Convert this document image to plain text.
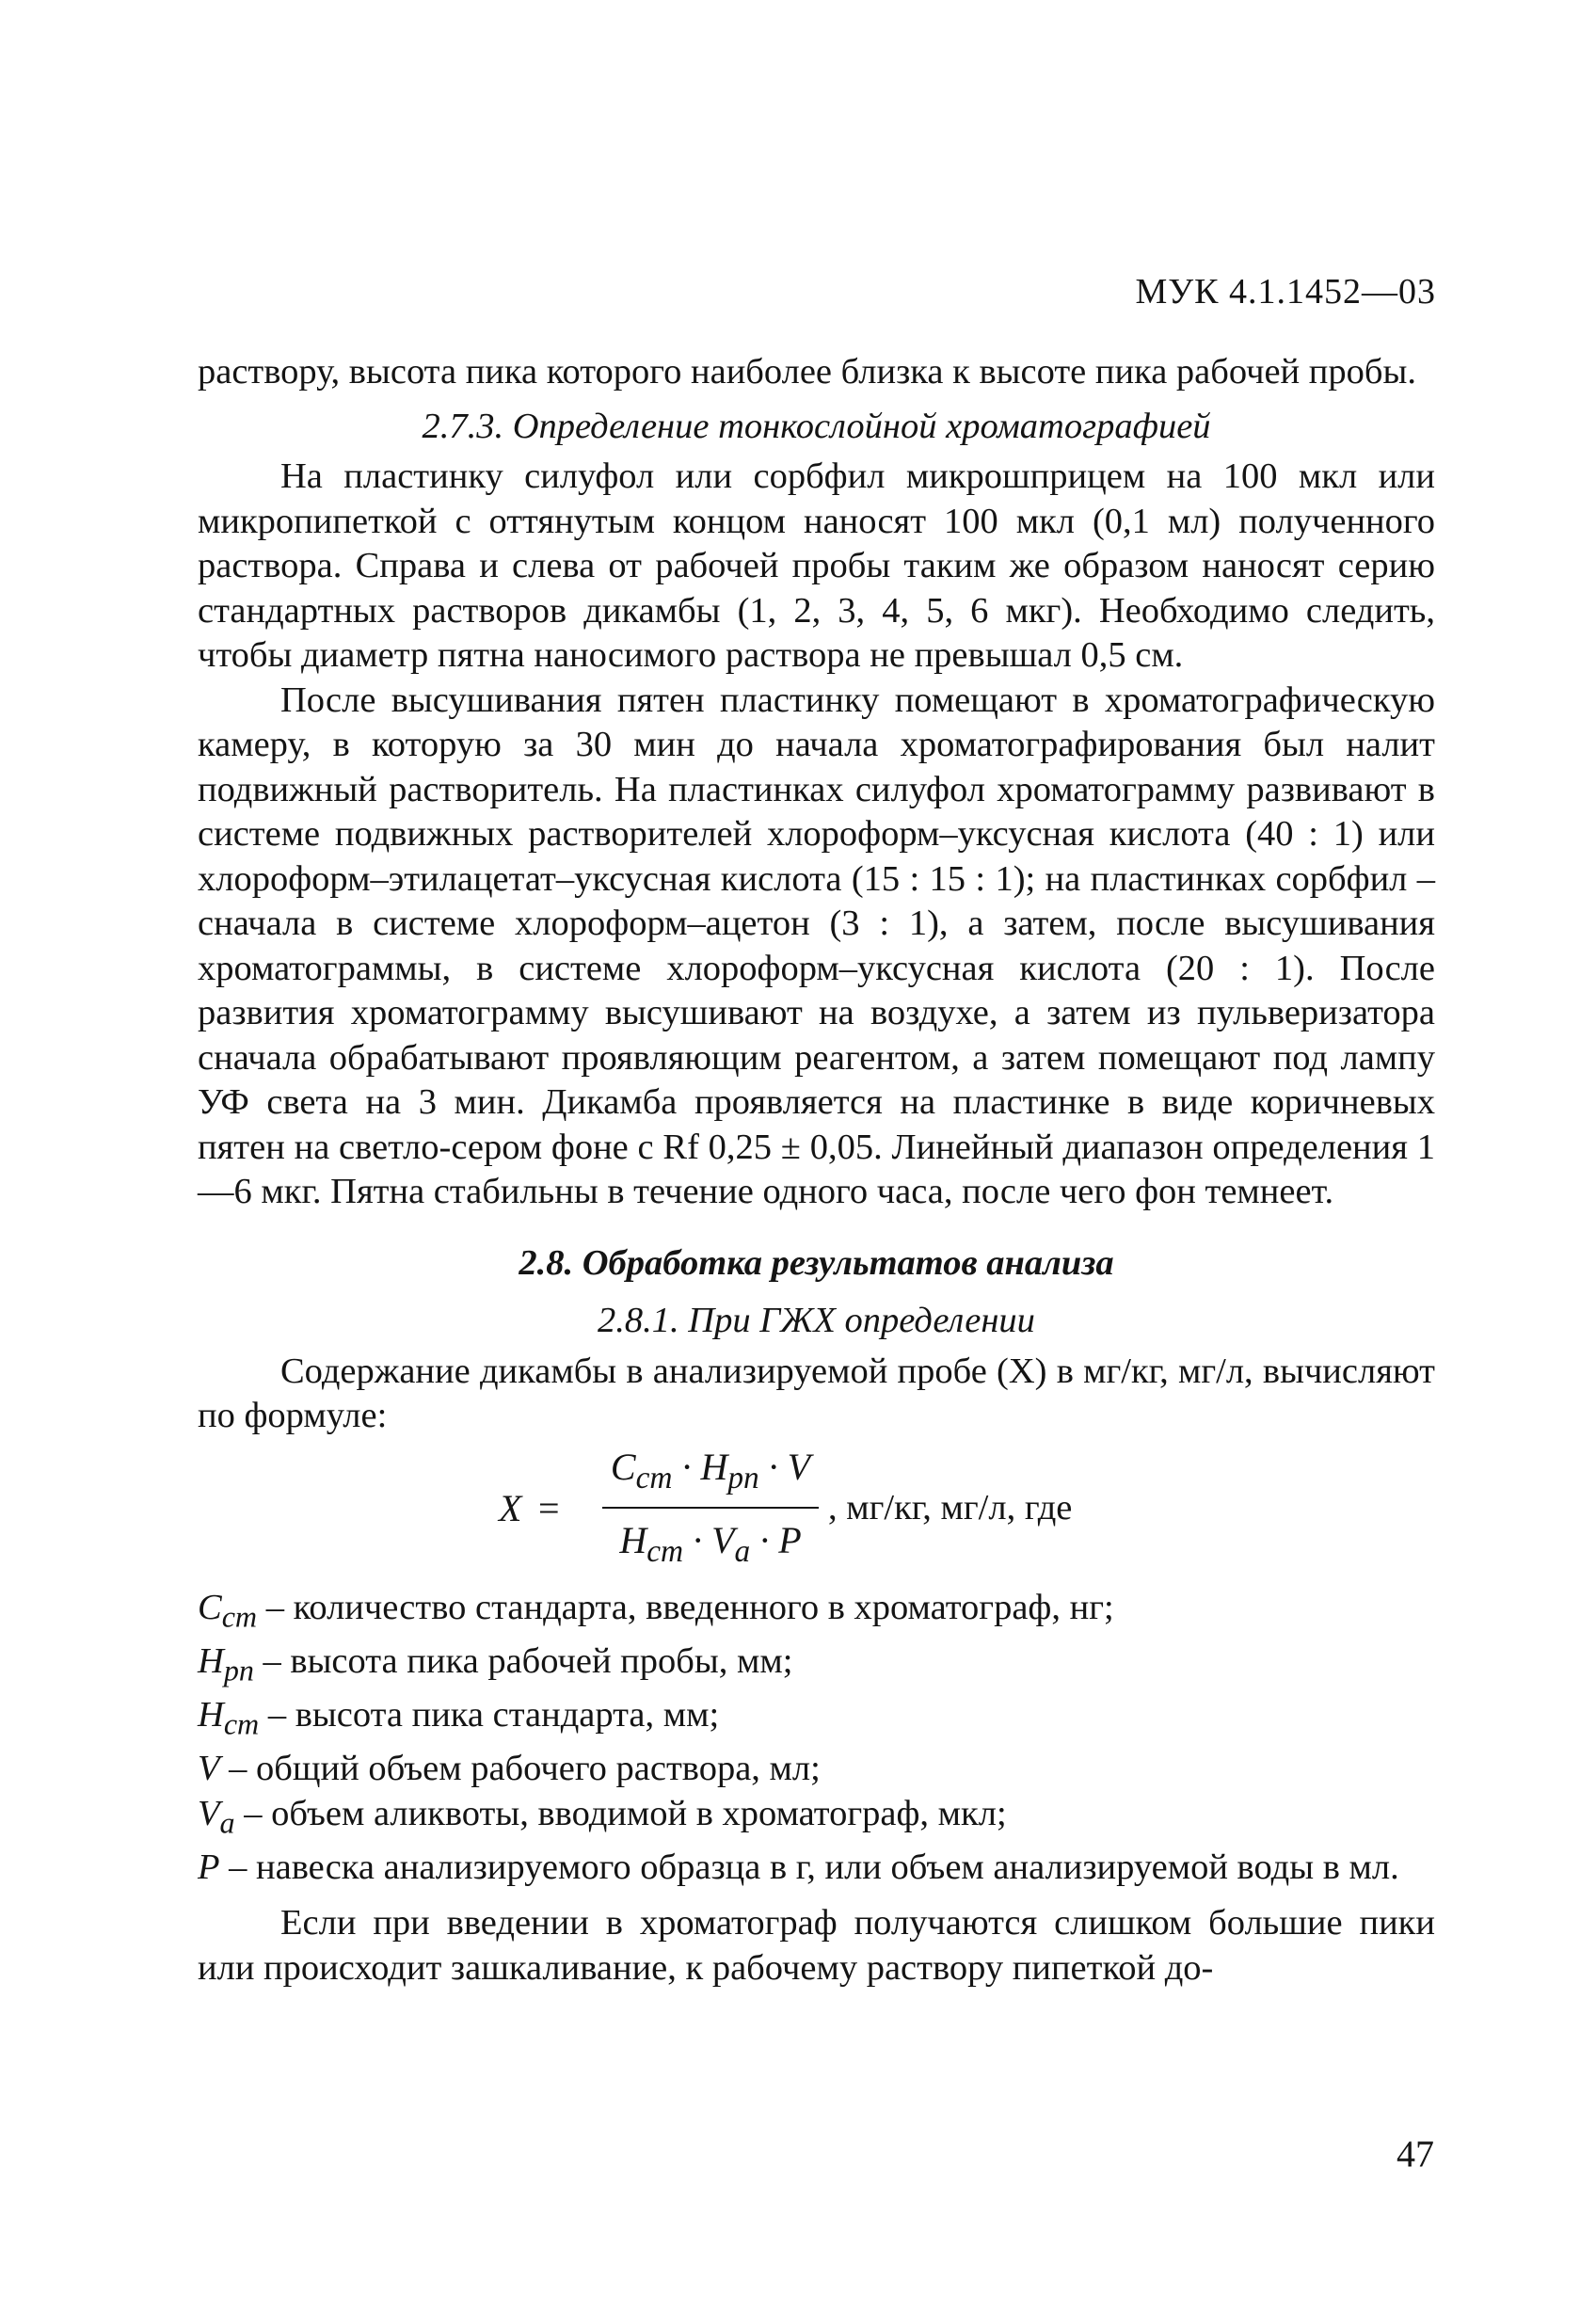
МУК 4.1.1452—03

раствору, высота пика которого наиболее близка к высоте пика рабочей пробы.

2.7.3. Определение тонкослойной хроматографией

На пластинку силуфол или сорбфил микрошприцем на 100 мкл или микропипеткой с оттянутым концом наносят 100 мкл (0,1 мл) полученного раствора. Справа и слева от рабочей пробы таким же образом наносят серию стандартных растворов дикамбы (1, 2, 3, 4, 5, 6 мкг). Необходимо следить, чтобы диаметр пятна наносимого раствора не превышал 0,5 см.

После высушивания пятен пластинку помещают в хроматографическую камеру, в которую за 30 мин до начала хроматографирования был налит подвижный растворитель. На пластинках силуфол хроматограмму развивают в системе подвижных растворителей хлороформ–уксусная кислота (40 : 1) или хлороформ–этилацетат–уксусная кислота (15 : 15 : 1); на пластинках сорбфил – сначала в системе хлороформ–ацетон (3 : 1), а затем, после высушивания хроматограммы, в системе хлороформ–уксусная кислота (20 : 1). После развития хроматограмму высушивают на воздухе, а затем из пульверизатора сначала обрабатывают проявляющим реагентом, а затем помещают под лампу УФ света на 3 мин. Дикамба проявляется на пластинке в виде коричневых пятен на светло-сером фоне с Rf 0,25 ± 0,05. Линейный диапазон определения 1—6 мкг. Пятна стабильны в течение одного часа, после чего фон темнеет.

2.8. Обработка результатов анализа

2.8.1. При ГЖХ определении

Содержание дикамбы в анализируемой пробе (X) в мг/кг, мг/л, вычисляют по формуле:

X =
$C_{cm} \cdot H_{pn} \cdot V$
$H_{cm} \cdot V_a \cdot P$
, мг/кг, мг/л, где
$C_{cm}$ – количество стандарта, введенного в хроматограф, нг;
$H_{pn}$ – высота пика рабочей пробы, мм;
$H_{cm}$ – высота пика стандарта, мм;
V – общий объем рабочего раствора, мл;
$V_a$ – объем аликвоты, вводимой в хроматограф, мкл;
P – навеска анализируемого образца в г, или объем анализируемой воды в мл.

Если при введении в хроматограф получаются слишком большие пики или происходит зашкаливание, к рабочему раствору пипеткой до-

47
